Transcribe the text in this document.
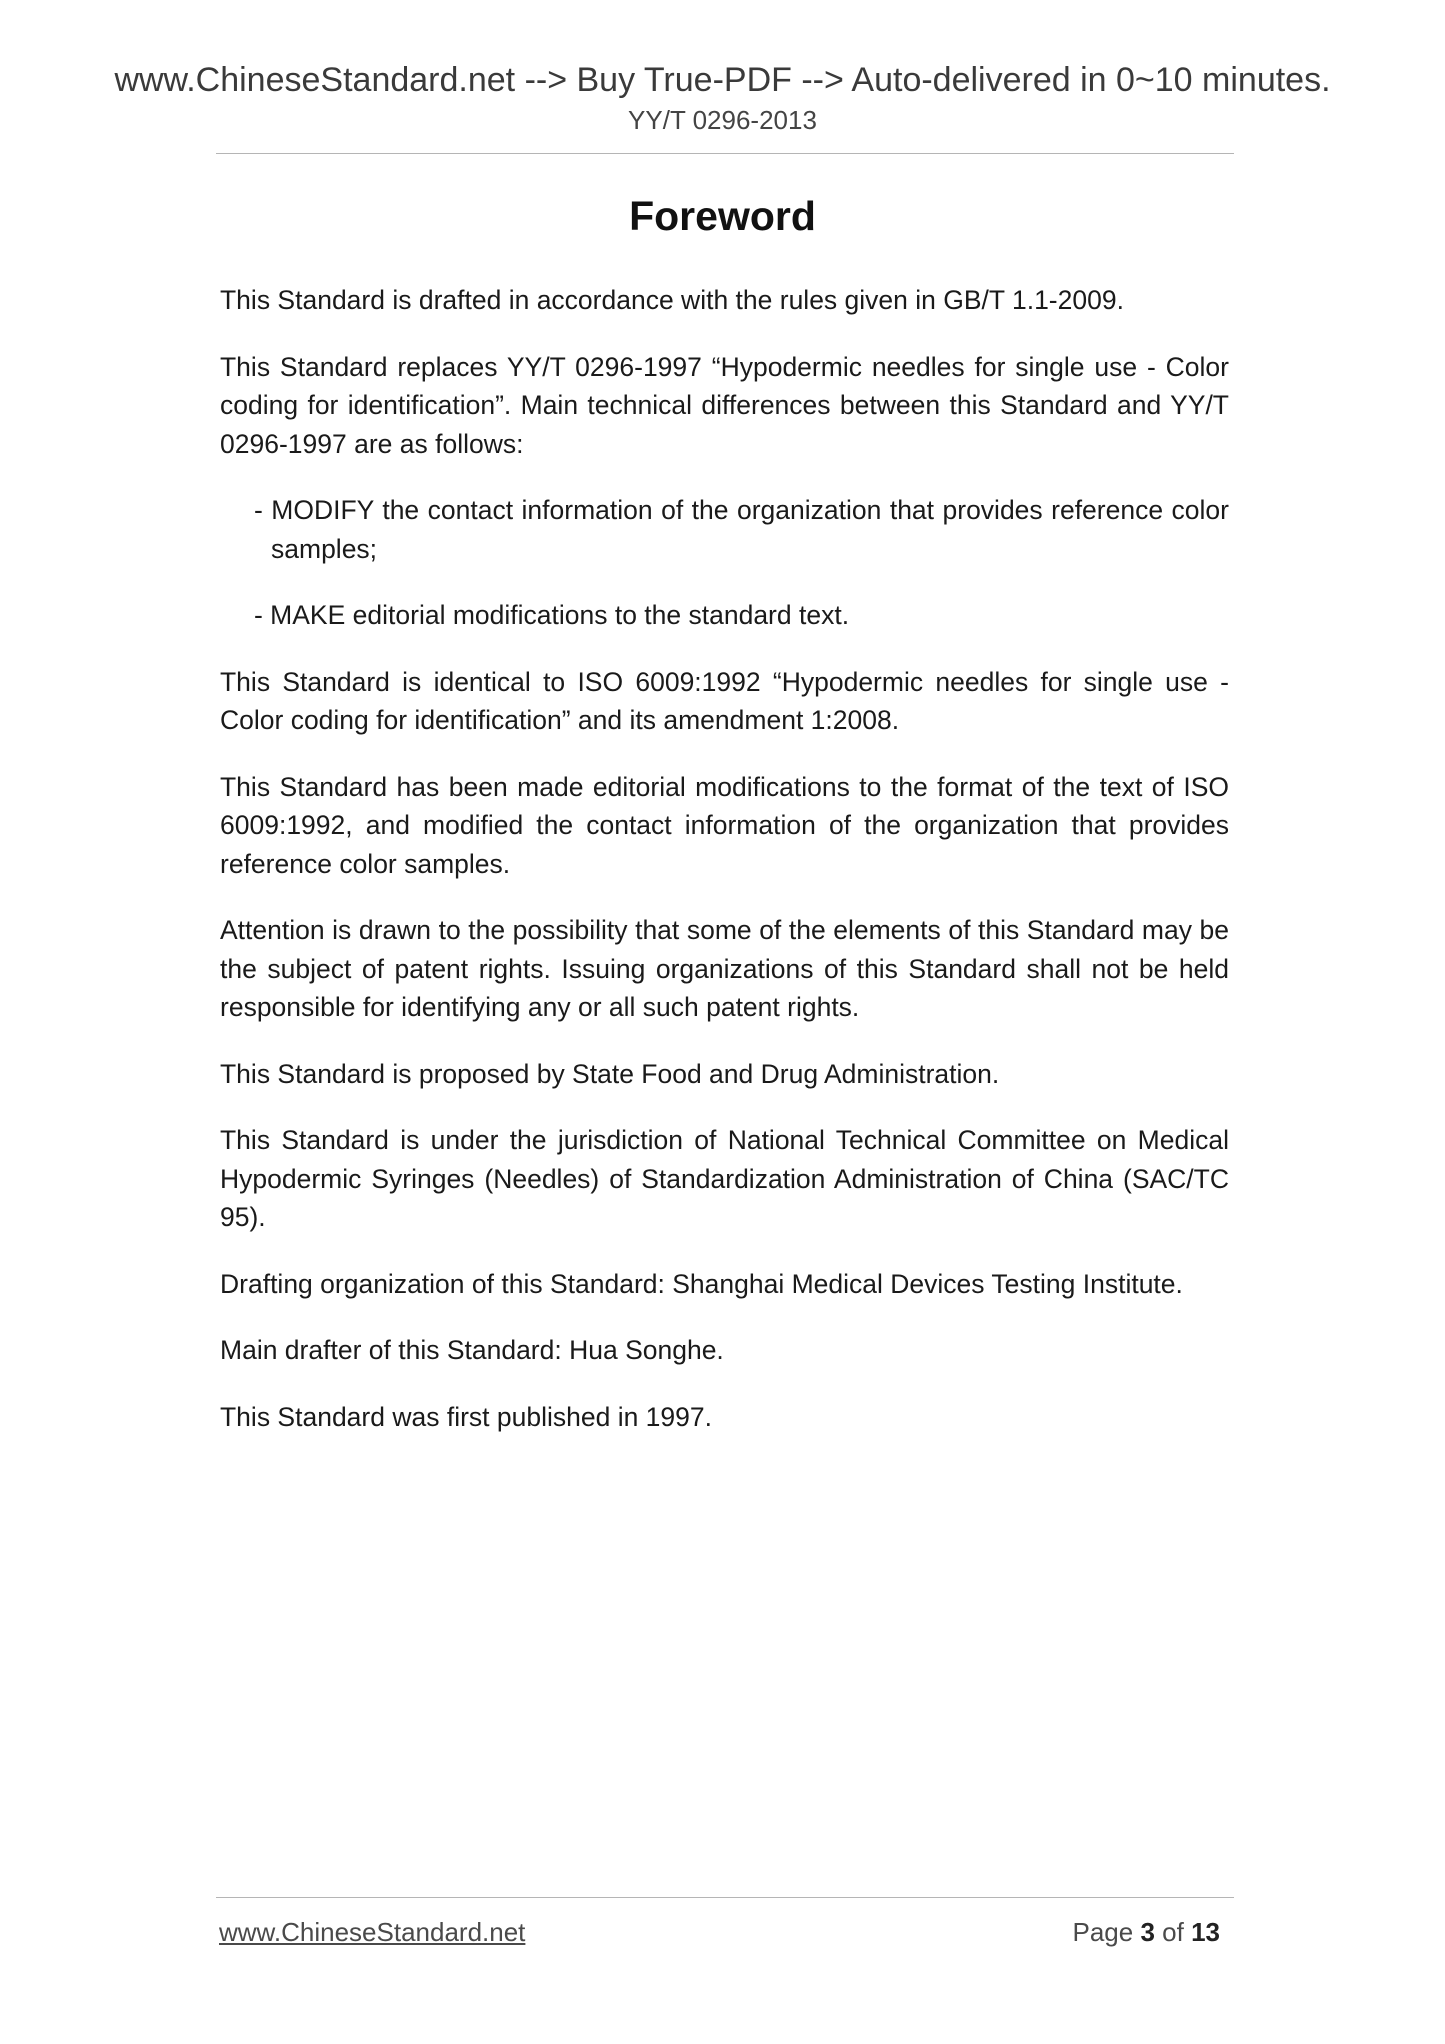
www.ChineseStandard.net --> Buy True-PDF --> Auto-delivered in 0~10 minutes.
YY/T 0296-2013
Foreword

This Standard is drafted in accordance with the rules given in GB/T 1.1-2009.

This Standard replaces YY/T 0296-1997 “Hypodermic needles for single use - Color coding for identification”. Main technical differences between this Standard and YY/T 0296-1997 are as follows:

- MODIFY the contact information of the organization that provides reference color samples;

- MAKE editorial modifications to the standard text.

This Standard is identical to ISO 6009:1992 “Hypodermic needles for single use - Color coding for identification” and its amendment 1:2008.

This Standard has been made editorial modifications to the format of the text of ISO 6009:1992, and modified the contact information of the organization that provides reference color samples.

Attention is drawn to the possibility that some of the elements of this Standard may be the subject of patent rights. Issuing organizations of this Standard shall not be held responsible for identifying any or all such patent rights.

This Standard is proposed by State Food and Drug Administration.

This Standard is under the jurisdiction of National Technical Committee on Medical Hypodermic Syringes (Needles) of Standardization Administration of China (SAC/TC 95).

Drafting organization of this Standard: Shanghai Medical Devices Testing Institute.

Main drafter of this Standard: Hua Songhe.

This Standard was first published in 1997.

www.ChineseStandard.net	Page 3 of 13
